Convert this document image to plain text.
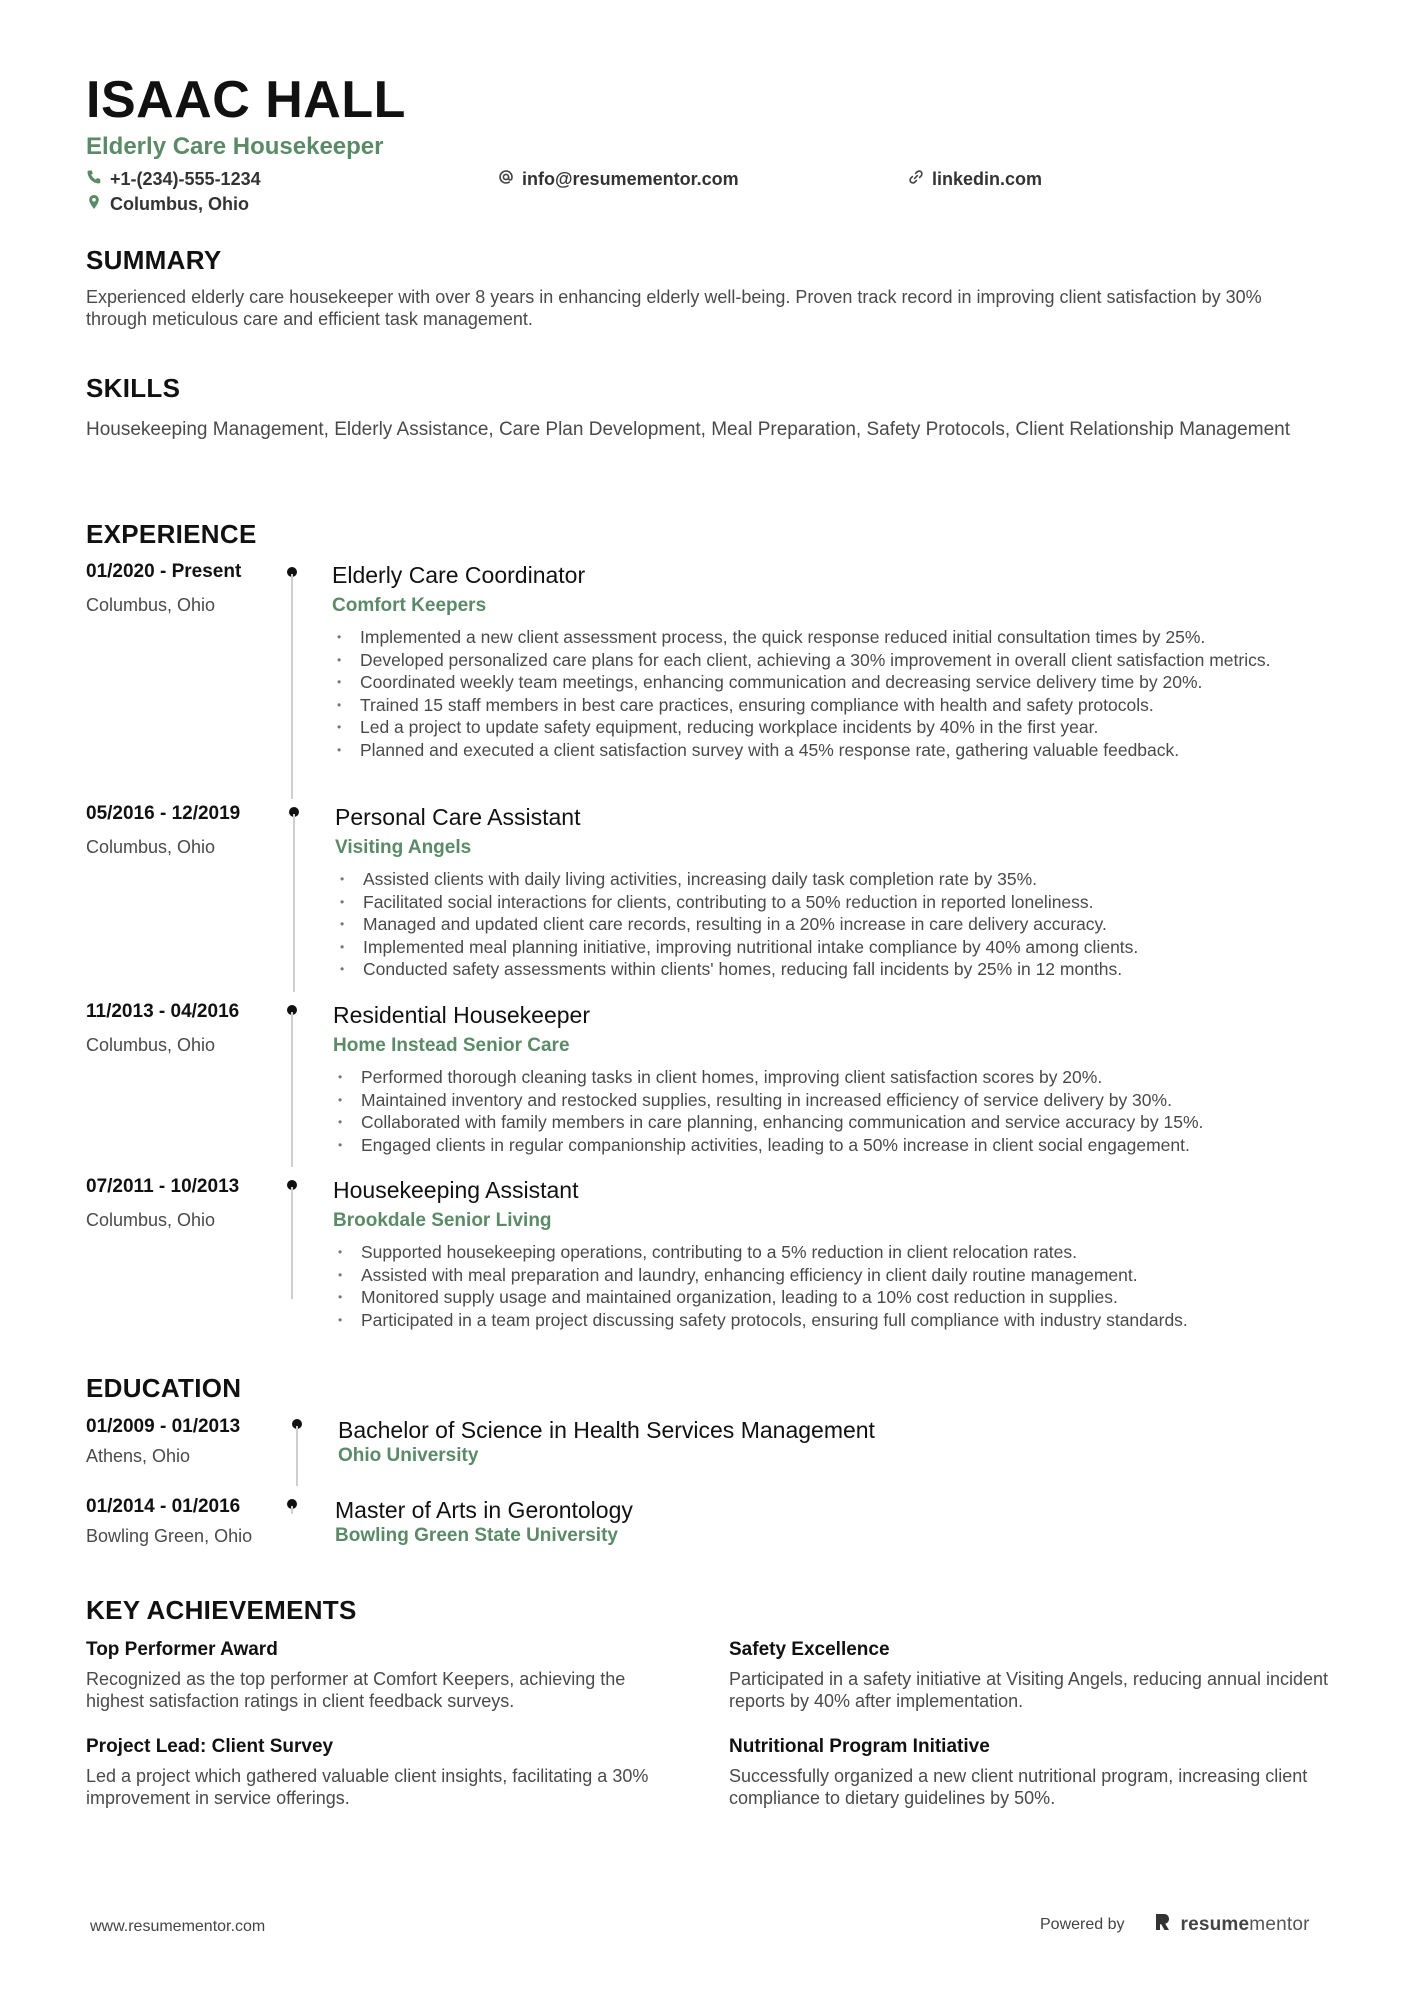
ISAAC HALL
Elderly Care Housekeeper
+1-(234)-555-1234	info@resumementor.com	linkedin.com
Columbus, Ohio
SUMMARY
Experienced elderly care housekeeper with over 8 years in enhancing elderly well-being. Proven track record in improving client satisfaction by 30% through meticulous care and efficient task management.
SKILLS
Housekeeping Management, Elderly Assistance, Care Plan Development, Meal Preparation, Safety Protocols, Client Relationship Management
EXPERIENCE
01/2020 - Present
Columbus, Ohio
Elderly Care Coordinator
Comfort Keepers
• Implemented a new client assessment process, the quick response reduced initial consultation times by 25%.
• Developed personalized care plans for each client, achieving a 30% improvement in overall client satisfaction metrics.
• Coordinated weekly team meetings, enhancing communication and decreasing service delivery time by 20%.
• Trained 15 staff members in best care practices, ensuring compliance with health and safety protocols.
• Led a project to update safety equipment, reducing workplace incidents by 40% in the first year.
• Planned and executed a client satisfaction survey with a 45% response rate, gathering valuable feedback.
05/2016 - 12/2019
Columbus, Ohio
Personal Care Assistant
Visiting Angels
• Assisted clients with daily living activities, increasing daily task completion rate by 35%.
• Facilitated social interactions for clients, contributing to a 50% reduction in reported loneliness.
• Managed and updated client care records, resulting in a 20% increase in care delivery accuracy.
• Implemented meal planning initiative, improving nutritional intake compliance by 40% among clients.
• Conducted safety assessments within clients' homes, reducing fall incidents by 25% in 12 months.
11/2013 - 04/2016
Columbus, Ohio
Residential Housekeeper
Home Instead Senior Care
• Performed thorough cleaning tasks in client homes, improving client satisfaction scores by 20%.
• Maintained inventory and restocked supplies, resulting in increased efficiency of service delivery by 30%.
• Collaborated with family members in care planning, enhancing communication and service accuracy by 15%.
• Engaged clients in regular companionship activities, leading to a 50% increase in client social engagement.
07/2011 - 10/2013
Columbus, Ohio
Housekeeping Assistant
Brookdale Senior Living
• Supported housekeeping operations, contributing to a 5% reduction in client relocation rates.
• Assisted with meal preparation and laundry, enhancing efficiency in client daily routine management.
• Monitored supply usage and maintained organization, leading to a 10% cost reduction in supplies.
• Participated in a team project discussing safety protocols, ensuring full compliance with industry standards.
EDUCATION
01/2009 - 01/2013
Athens, Ohio
Bachelor of Science in Health Services Management
Ohio University
01/2014 - 01/2016
Bowling Green, Ohio
Master of Arts in Gerontology
Bowling Green State University
KEY ACHIEVEMENTS
Top Performer Award
Recognized as the top performer at Comfort Keepers, achieving the highest satisfaction ratings in client feedback surveys.
Safety Excellence
Participated in a safety initiative at Visiting Angels, reducing annual incident reports by 40% after implementation.
Project Lead: Client Survey
Led a project which gathered valuable client insights, facilitating a 30% improvement in service offerings.
Nutritional Program Initiative
Successfully organized a new client nutritional program, increasing client compliance to dietary guidelines by 50%.
www.resumementor.com	Powered by	resumementor
